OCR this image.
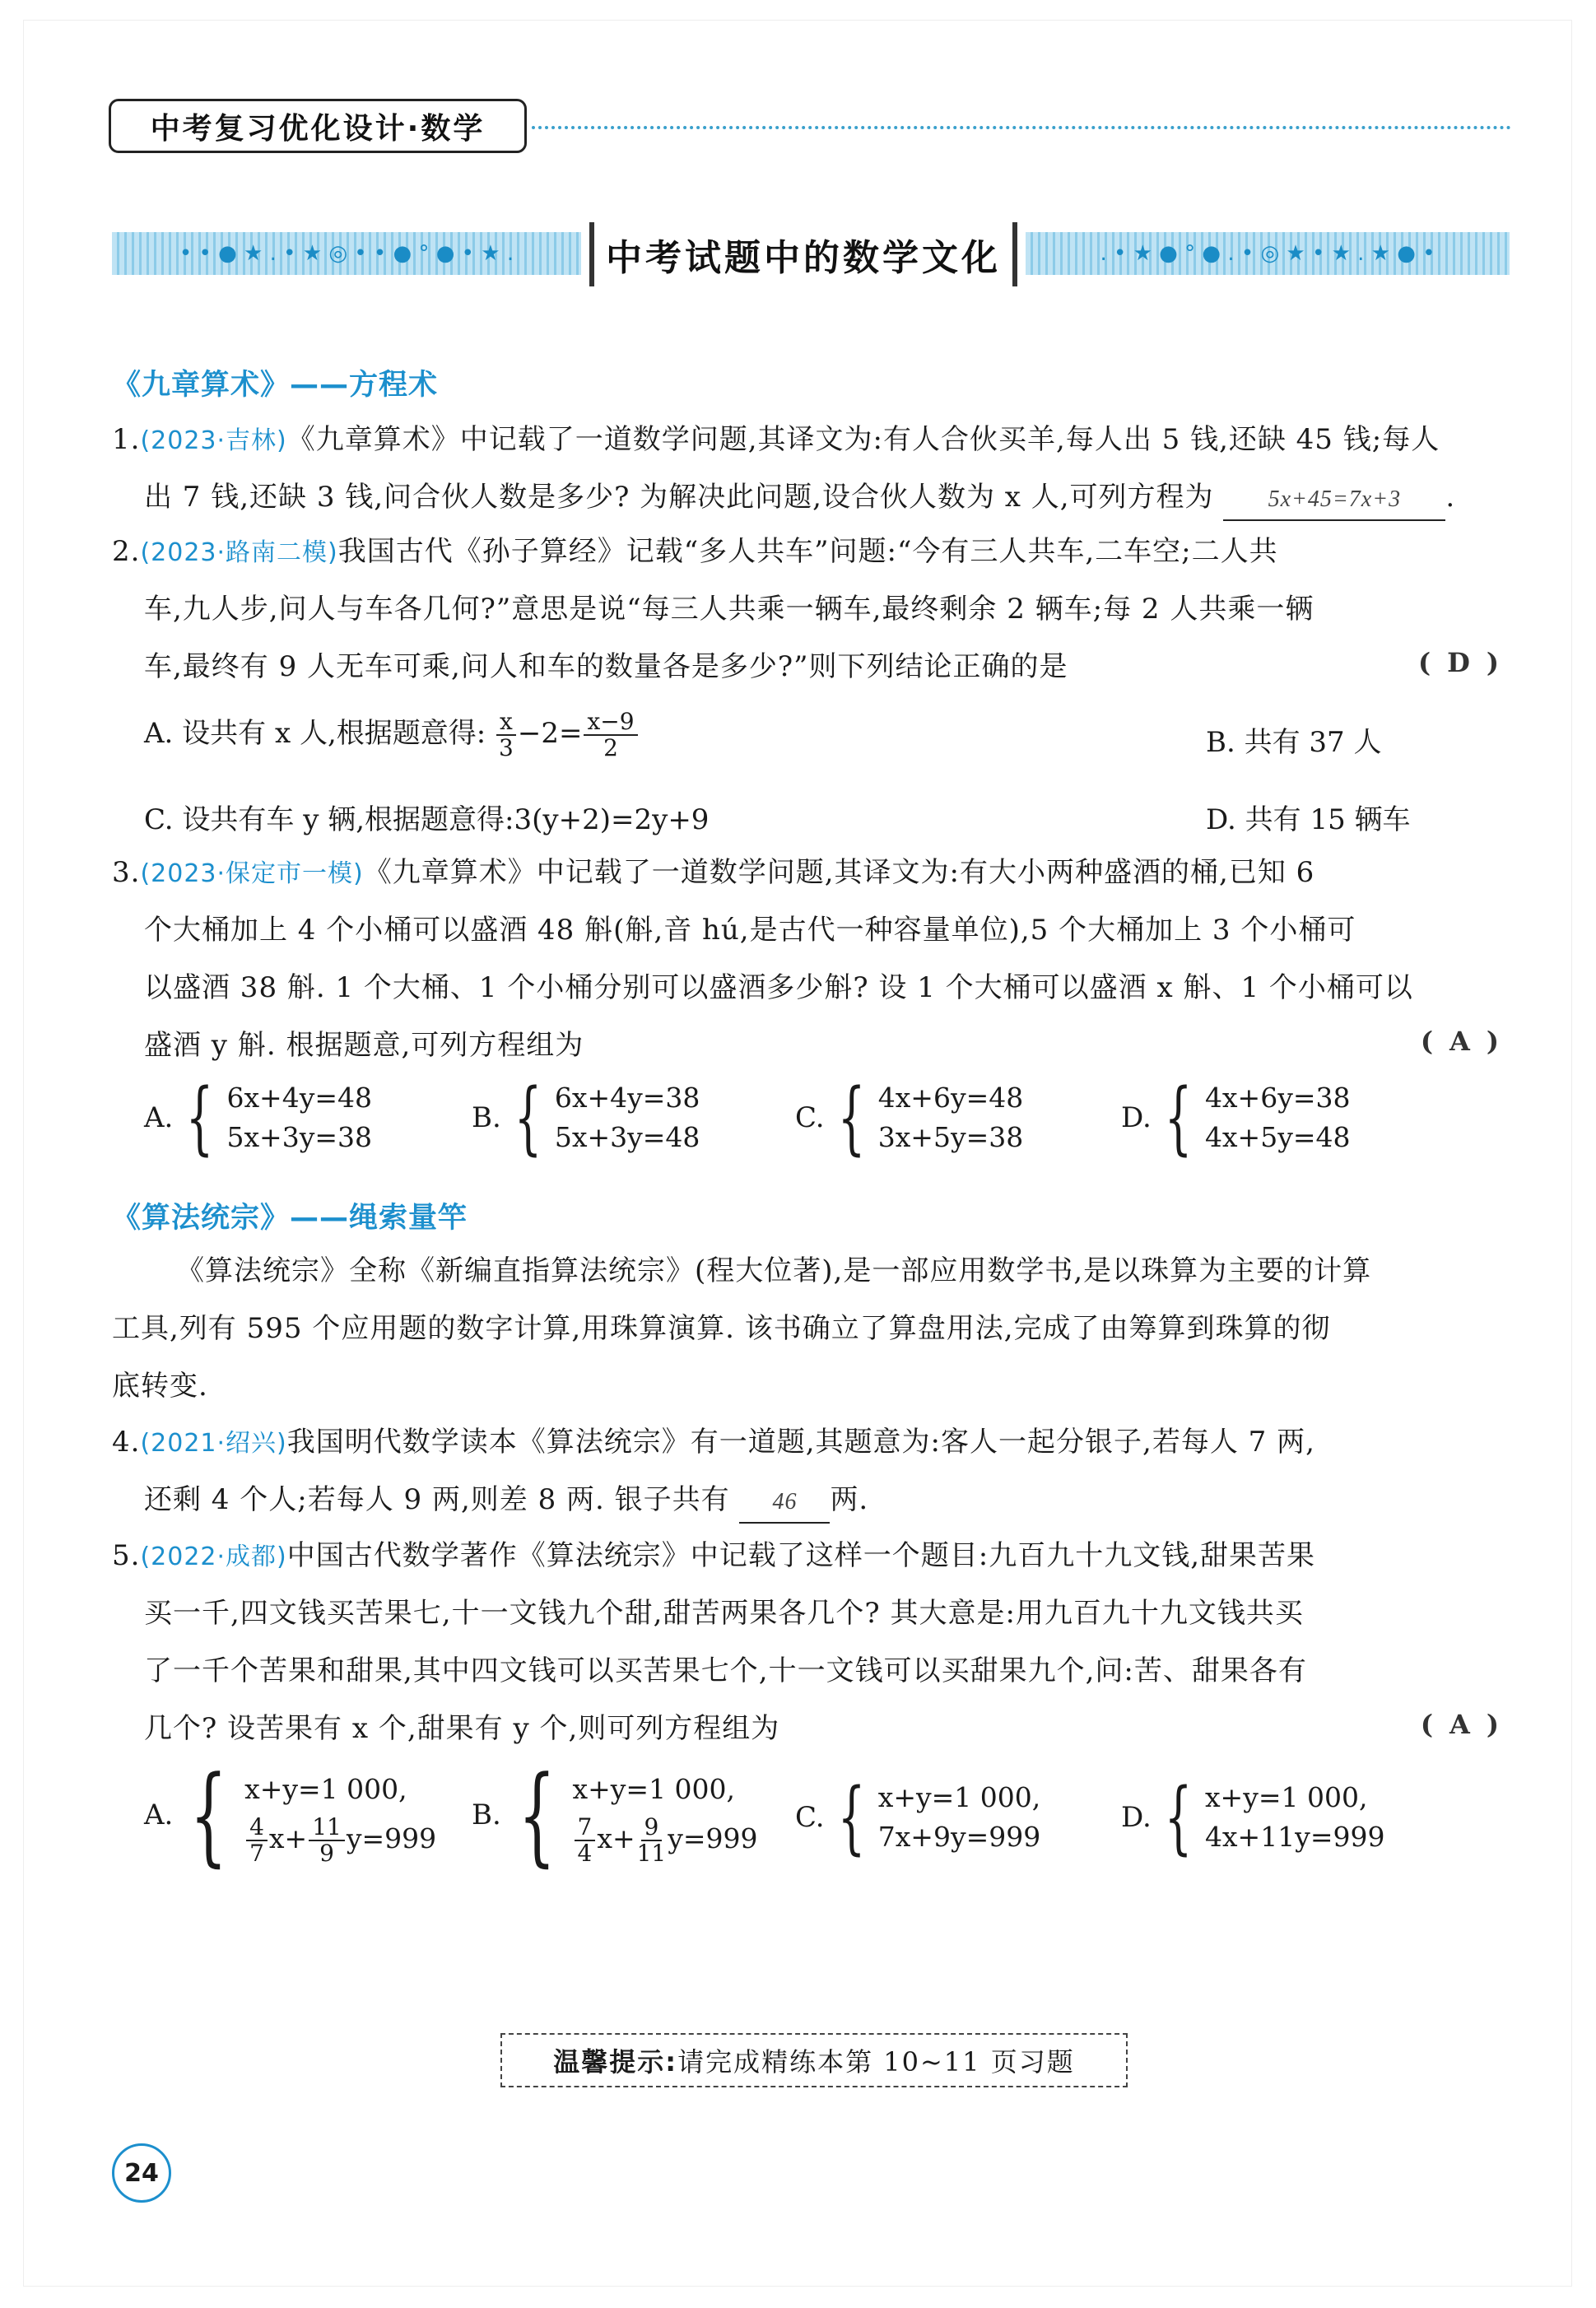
中考复习优化设计·数学
• • ● ★ . • ★ ◎ • • ● ° ● • ★ .	中考试题中的数学文化	. • ★ ● ° ● . • ◎ ★ • ★ . ★ ● •
《九章算术》——方程术
1.(2023·吉林)《九章算术》中记载了一道数学问题,其译文为:有人合伙买羊,每人出 5 钱,还缺 45 钱;每人
出 7 钱,还缺 3 钱,问合伙人数是多少? 为解决此问题,设合伙人数为 x 人,可列方程为 5x+45=7x+3 .
2.(2023·路南二模)我国古代《孙子算经》记载“多人共车”问题:“今有三人共车,二车空;二人共
车,九人步,问人与车各几何?”意思是说“每三人共乘一辆车,最终剩余 2 辆车;每 2 人共乘一辆
车,最终有 9 人无车可乘,问人和车的数量各是多少?”则下列结论正确的是	(D)
A. 设共有 x 人,根据题意得: $\frac{x}{3} -2= \frac{x-9}{2}$	B. 共有 37 人
C. 设共有车 y 辆,根据题意得:3(y+2)=2y+9	D. 共有 15 辆车
3.(2023·保定市一模)《九章算术》中记载了一道数学问题,其译文为:有大小两种盛酒的桶,已知 6
个大桶加上 4 个小桶可以盛酒 48 斛(斛,音 hú,是古代一种容量单位),5 个大桶加上 3 个小桶可
以盛酒 38 斛. 1 个大桶、1 个小桶分别可以盛酒多少斛? 设 1 个大桶可以盛酒 x 斛、1 个小桶可以
盛酒 y 斛. 根据题意,可列方程组为	(A)
A. { 6x+4y=48
5x+3y=38
B. { 6x+4y=38
5x+3y=48
C. { 4x+6y=48
3x+5y=38
D. { 4x+6y=38
4x+5y=48
《算法统宗》——绳索量竿
《算法统宗》全称《新编直指算法统宗》(程大位著),是一部应用数学书,是以珠算为主要的计算
工具,列有 595 个应用题的数字计算,用珠算演算. 该书确立了算盘用法,完成了由筹算到珠算的彻
底转变.
4.(2021·绍兴)我国明代数学读本《算法统宗》有一道题,其题意为:客人一起分银子,若每人 7 两,
还剩 4 个人;若每人 9 两,则差 8 两. 银子共有 46 两.
5.(2022·成都)中国古代数学著作《算法统宗》中记载了这样一个题目:九百九十九文钱,甜果苦果
买一千,四文钱买苦果七,十一文钱九个甜,甜苦两果各几个? 其大意是:用九百九十九文钱共买
了一千个苦果和甜果,其中四文钱可以买苦果七个,十一文钱可以买甜果九个,问:苦、甜果各有
几个? 设苦果有 x 个,甜果有 y 个,则可列方程组为	(A)
A. { x+y=1 000,
$\frac{4}{7} x+ \frac{11}{9} y=999$
B. { x+y=1 000,
$\frac{7}{4} x+ \frac{9}{11} y=999$
C. { x+y=1 000,
7x+9y=999
D. { x+y=1 000,
4x+11y=999
温馨提示: 请完成精练本第 10~11 页习题
24
